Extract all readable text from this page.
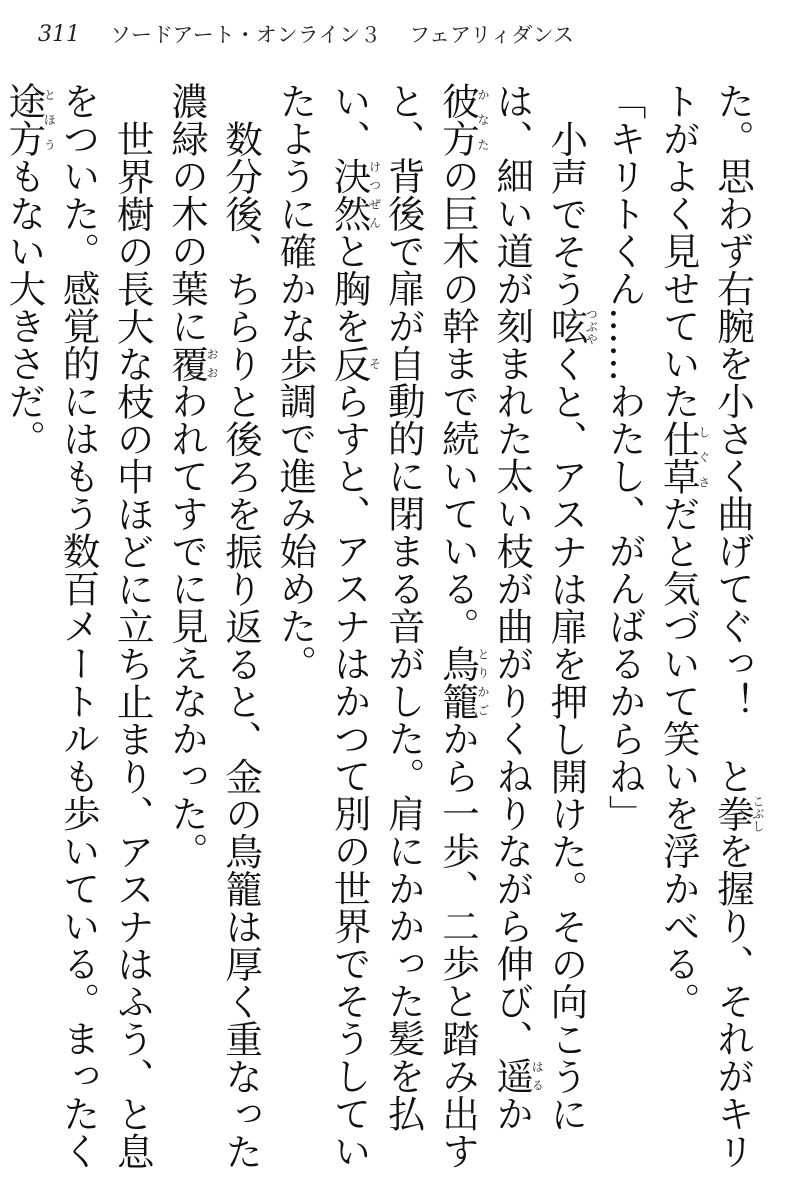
311 ソードアート・オンライン３ フェアリィダンス

た。思わず右腕を小さく曲げてぐっ！　と拳こぶしを握り、それがキリトがよく見せていた仕草しぐさだと気づいて笑いを浮かべる。

「キリトくん……わたし、がんばるからね」

小声でそう呟つぶやくと、アスナは扉を押し開けた。その向こうには、細い道が刻まれた太い枝が曲がりくねりながら伸び、遥はるか彼方かなたの巨木の幹まで続いている。鳥籠とりかごから一歩、二歩と踏み出すと、背後で扉が自動的に閉まる音がした。肩にかかった髪を払い、決然けつぜんと胸を反そらすと、アスナはかつて別の世界でそうしていたように確かな歩調で進み始めた。

数分後、ちらりと後ろを振り返ると、金の鳥籠は厚く重なった濃緑の木の葉に覆おおわれてすでに見えなかった。

世界樹の長大な枝の中ほどに立ち止まり、アスナはふう、と息をついた。感覚的にはもう数百メートルも歩いている。まったく途方とほうもない大きさだ。
